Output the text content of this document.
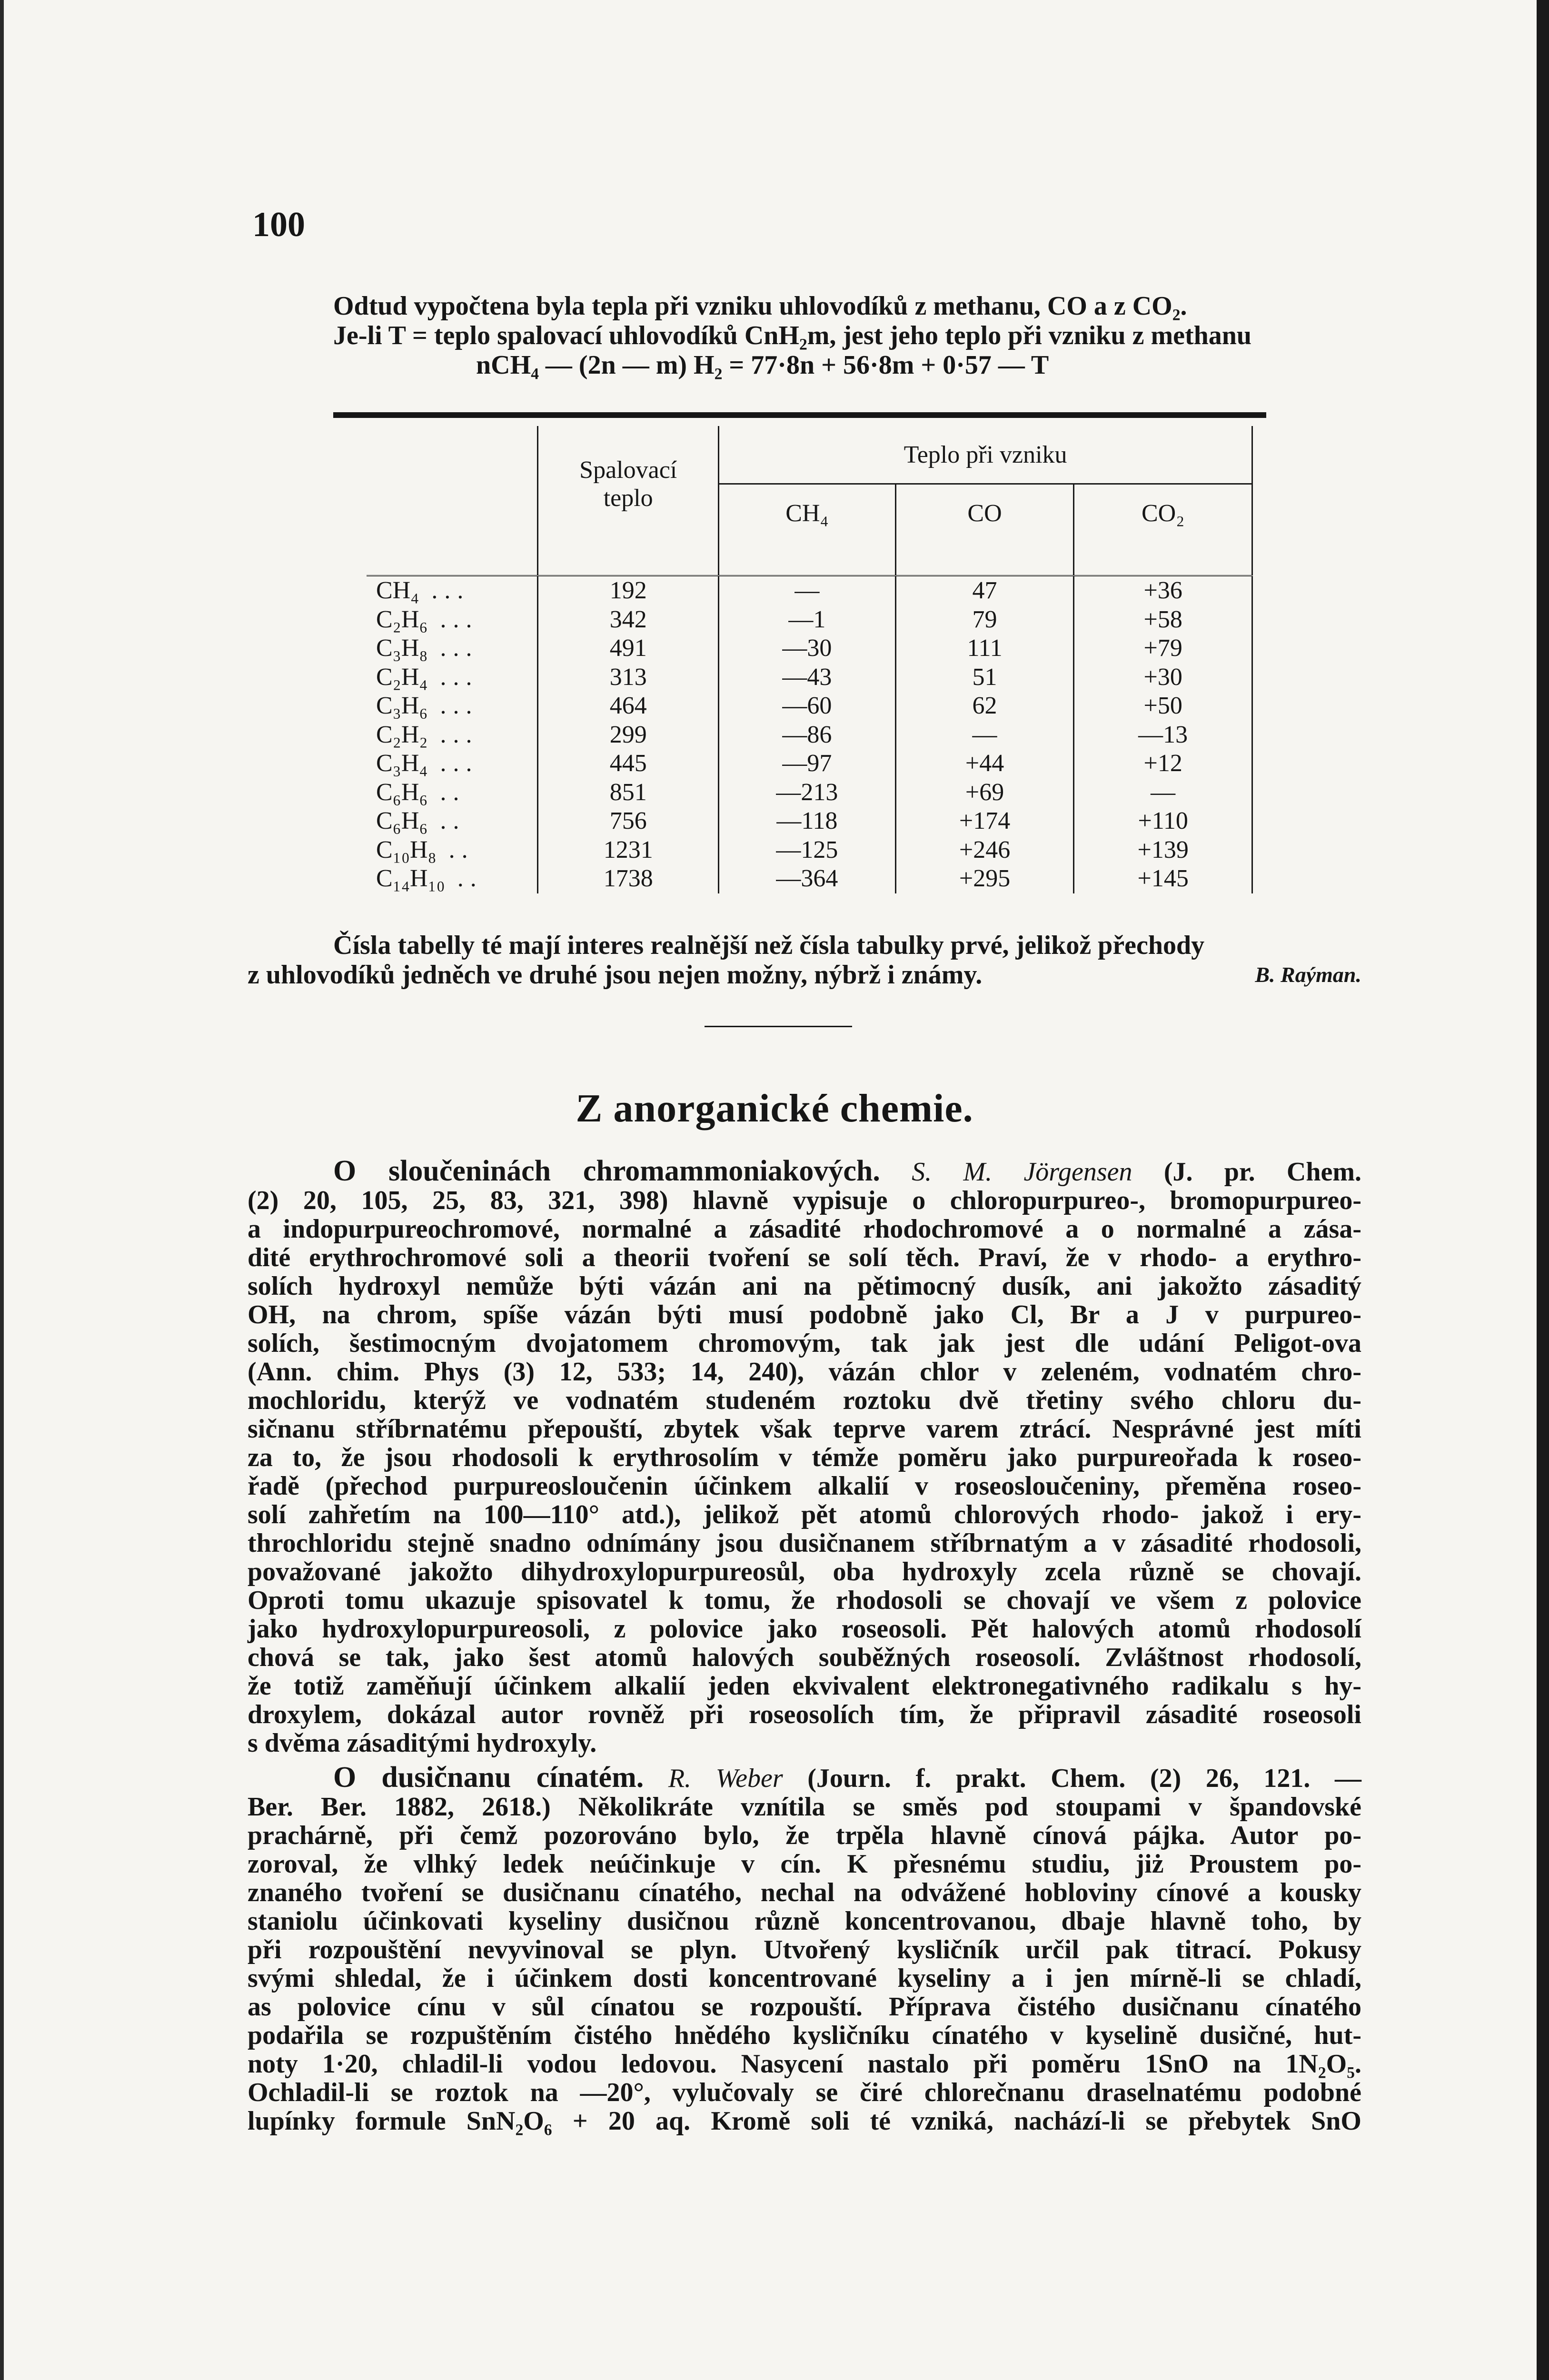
100
Odtud vypočtena byla tepla při vzniku uhlovodíků z methanu, CO a z CO₂.
Je-li T = teplo spalovací uhlovodíků CnH₂m, jest jeho teplo při vzniku z methanu
nCH₄ — (2n — m) H₂ = 77·8n + 56·8m + 0·57 — T

	Spalovací
teplo	Teplo při vzniku		
		CH₄	CO	CO₂

CH₄ ...	192	—	47	+36
C₂H₆ ...	342	—1	79	+58
C₃H₈ ...	491	—30	111	+79
C₂H₄ ...	313	—43	51	+30
C₃H₆ ...	464	—60	62	+50
C₂H₂ ...	299	—86	—	—13
C₃H₄ ...	445	—97	+44	+12
C₆H₆ ..	851	—213	+69	—
C₆H₆ ..	756	—118	+174	+110
C₁₀H₈ ..	1231	—125	+246	+139
C₁₄H₁₀ ..	1738	—364	+295	+145
Čísla tabelly té mají interes realnější než čísla tabulky prvé, jelikož přechody
z uhlovodíků jedněch ve druhé jsou nejen možny, nýbrž i známy.	B. Raýman.
Z anorganické chemie.
O sloučeninách chromammoniakových. S. M. Jörgensen (J. pr. Chem.
(2) 20, 105, 25, 83, 321, 398) hlavně vypisuje o chloropurpureo-, bromopurpureo-
a indopurpureochromové, normalné a zásadité rhodochromové a o normalné a zása-
dité erythrochromové soli a theorii tvoření se solí těch. Praví, že v rhodo- a erythro-
solích hydroxyl nemůže býti vázán ani na pětimocný dusík, ani jakožto zásaditý
OH, na chrom, spíše vázán býti musí podobně jako Cl, Br a J v purpureo-
solích, šestimocným dvojatomem chromovým, tak jak jest dle udání Peligot-ova
(Ann. chim. Phys (3) 12, 533; 14, 240), vázán chlor v zeleném, vodnatém chro-
mochloridu, kterýž ve vodnatém studeném roztoku dvě třetiny svého chloru du-
sičnanu stříbrnatému přepouští, zbytek však teprve varem ztrácí. Nesprávné jest míti
za to, že jsou rhodosoli k erythrosolím v témže poměru jako purpureořada k roseo-
řadě (přechod purpureosloučenin účinkem alkalií v roseosloučeniny, přeměna roseo-
solí zahřetím na 100—110° atd.), jelikož pět atomů chlorových rhodo- jakož i ery-
throchloridu stejně snadno odnímány jsou dusičnanem stříbrnatým a v zásadité rhodosoli,
považované jakožto dihydroxylopurpureosůl, oba hydroxyly zcela různě se chovají.
Oproti tomu ukazuje spisovatel k tomu, že rhodosoli se chovají ve všem z polovice
jako hydroxylopurpureosoli, z polovice jako roseosoli. Pět halových atomů rhodosolí
chová se tak, jako šest atomů halových souběžných roseosolí. Zvláštnost rhodosolí,
že totiž zaměňují účinkem alkalií jeden ekvivalent elektronegativného radikalu s hy-
droxylem, dokázal autor rovněž při roseosolích tím, že připravil zásadité roseosoli
s dvěma zásaditými hydroxyly.
O dusičnanu cínatém. R. Weber (Journ. f. prakt. Chem. (2) 26, 121. —
Ber. Ber. 1882, 2618.) Několikráte vznítila se směs pod stoupami v špandovské
prachárně, při čemž pozorováno bylo, že trpěla hlavně cínová pájka. Autor po-
zoroval, že vlhký ledek neúčinkuje v cín. K přesnému studiu, jiż Proustem po-
znaného tvoření se dusičnanu cínatého, nechal na odvážené hobloviny cínové a kousky
staniolu účinkovati kyseliny dusičnou různě koncentrovanou, dbaje hlavně toho, by
při rozpouštění nevyvinoval se plyn. Utvořený kysličník určil pak titrací. Pokusy
svými shledal, že i účinkem dosti koncentrované kyseliny a i jen mírně-li se chladí,
as polovice cínu v sůl cínatou se rozpouští. Příprava čistého dusičnanu cínatého
podařila se rozpuštěním čistého hnědého kysličníku cínatého v kyselině dusičné, hut-
noty 1·20, chladil-li vodou ledovou. Nasycení nastalo při poměru 1SnO na 1N₂O₅.
Ochladil-li se roztok na —20°, vylučovaly se čiré chlorečnanu draselnatému podobné
lupínky formule SnN₂O₆ + 20 aq. Kromě soli té vzniká, nachází-li se přebytek SnO
